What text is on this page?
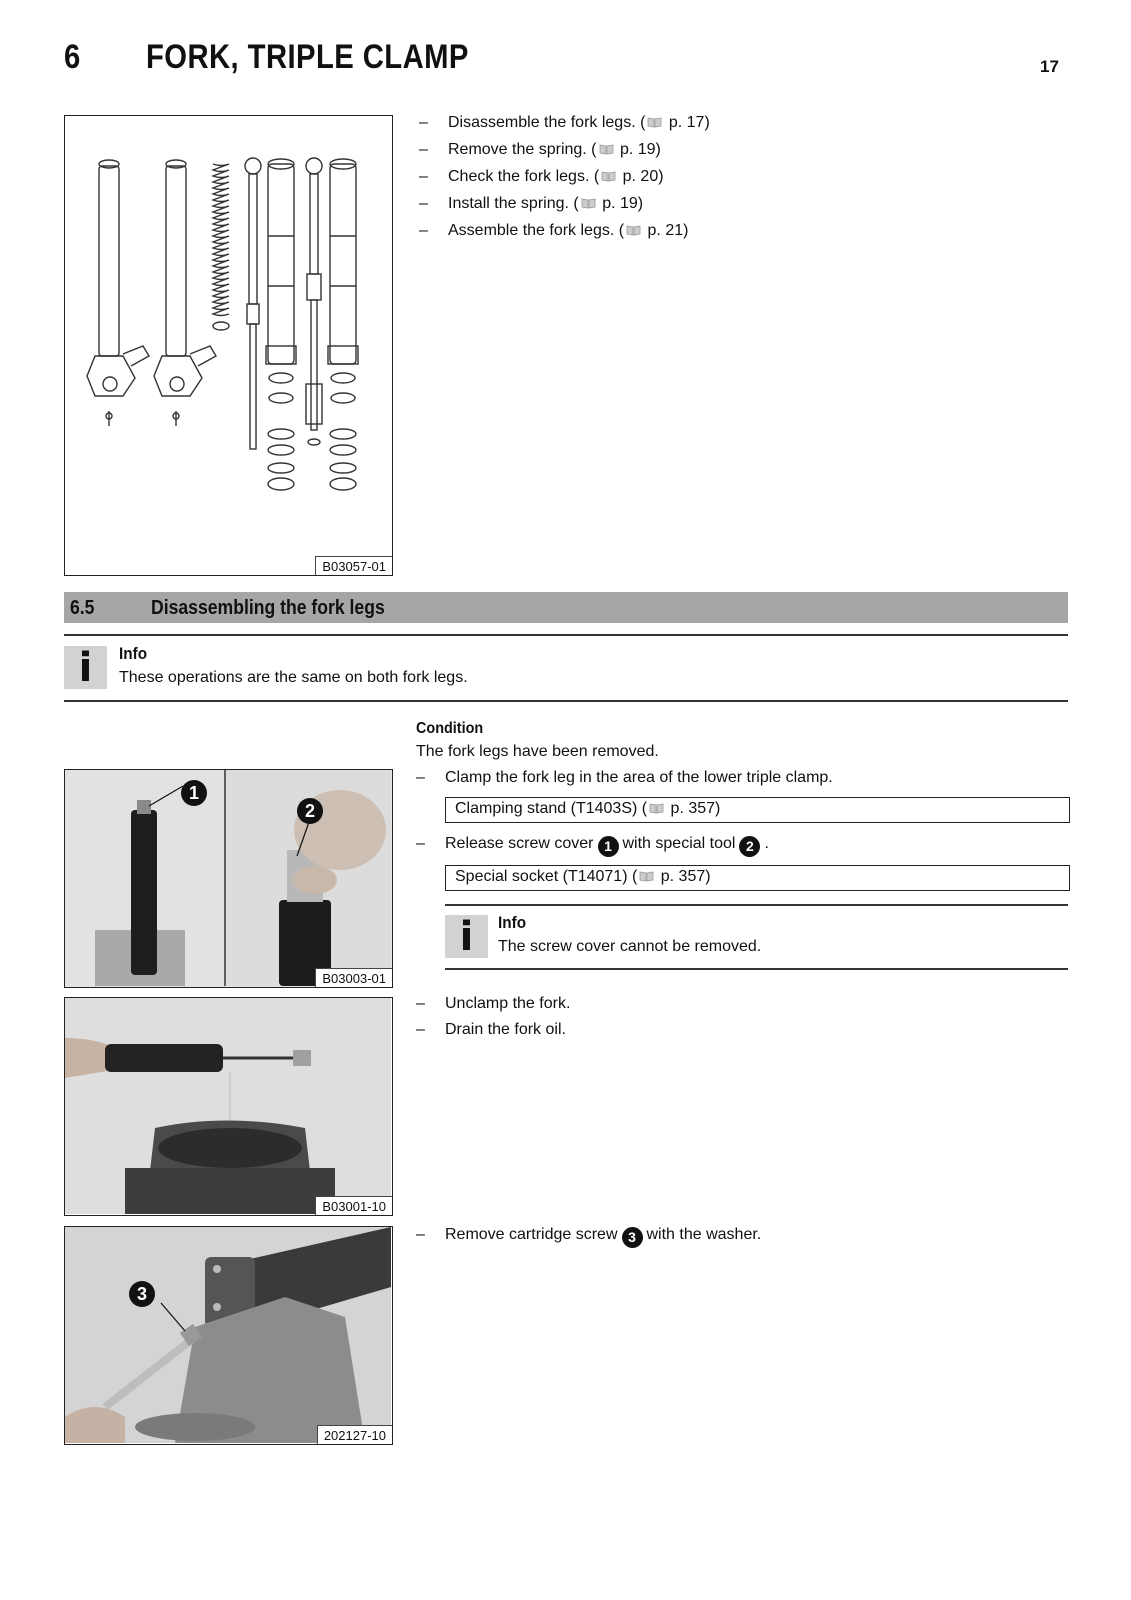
6 FORK, TRIPLE CLAMP	17
B03057-01
– Disassemble the fork legs. ( p. 17)
– Remove the spring. ( p. 19)
– Check the fork legs. ( p. 20)
– Install the spring. ( p. 19)
– Assemble the fork legs. ( p. 21)
6.5	Disassembling the fork legs
i	Info
These operations are the same on both fork legs.
Condition
The fork legs have been removed.
– Clamp the fork leg in the area of the lower triple clamp.
Clamping stand (T1403S) ( p. 357)
– Release screw cover 1 with special tool 2 .
Special socket (T14071) ( p. 357)
i	Info
The screw cover cannot be removed.
1
2
B03003-01
– Unclamp the fork.
– Drain the fork oil.
B03001-10
– Remove cartridge screw 3 with the washer.
3
202127-10
